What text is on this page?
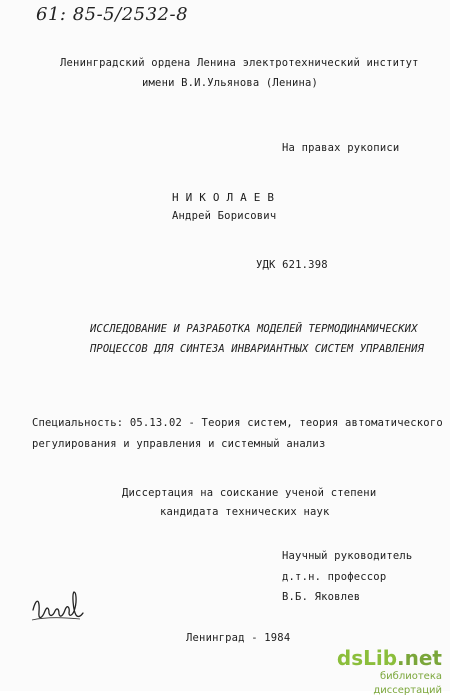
61: 85-5/2532-8
Ленинградский ордена Ленина электротехнический институт
имени В.И.Ульянова (Ленина)
На правах рукописи
НИКОЛАЕВ
Андрей Борисович
УДК 621.398
ИССЛЕДОВАНИЕ И РАЗРАБОТКА МОДЕЛЕЙ ТЕРМОДИНАМИЧЕСКИХ
ПРОЦЕССОВ ДЛЯ СИНТЕЗА ИНВАРИАНТНЫХ СИСТЕМ УПРАВЛЕНИЯ
Специальность: 05.13.02 - Теория систем, теория автоматического
регулирования и управления и системный анализ
Диссертация на соискание ученой степени
кандидата технических наук
Научный руководитель
д.т.н. профессор
В.Б. Яковлев
Ленинград - 1984
dsLib.net
библиотека диссертаций
